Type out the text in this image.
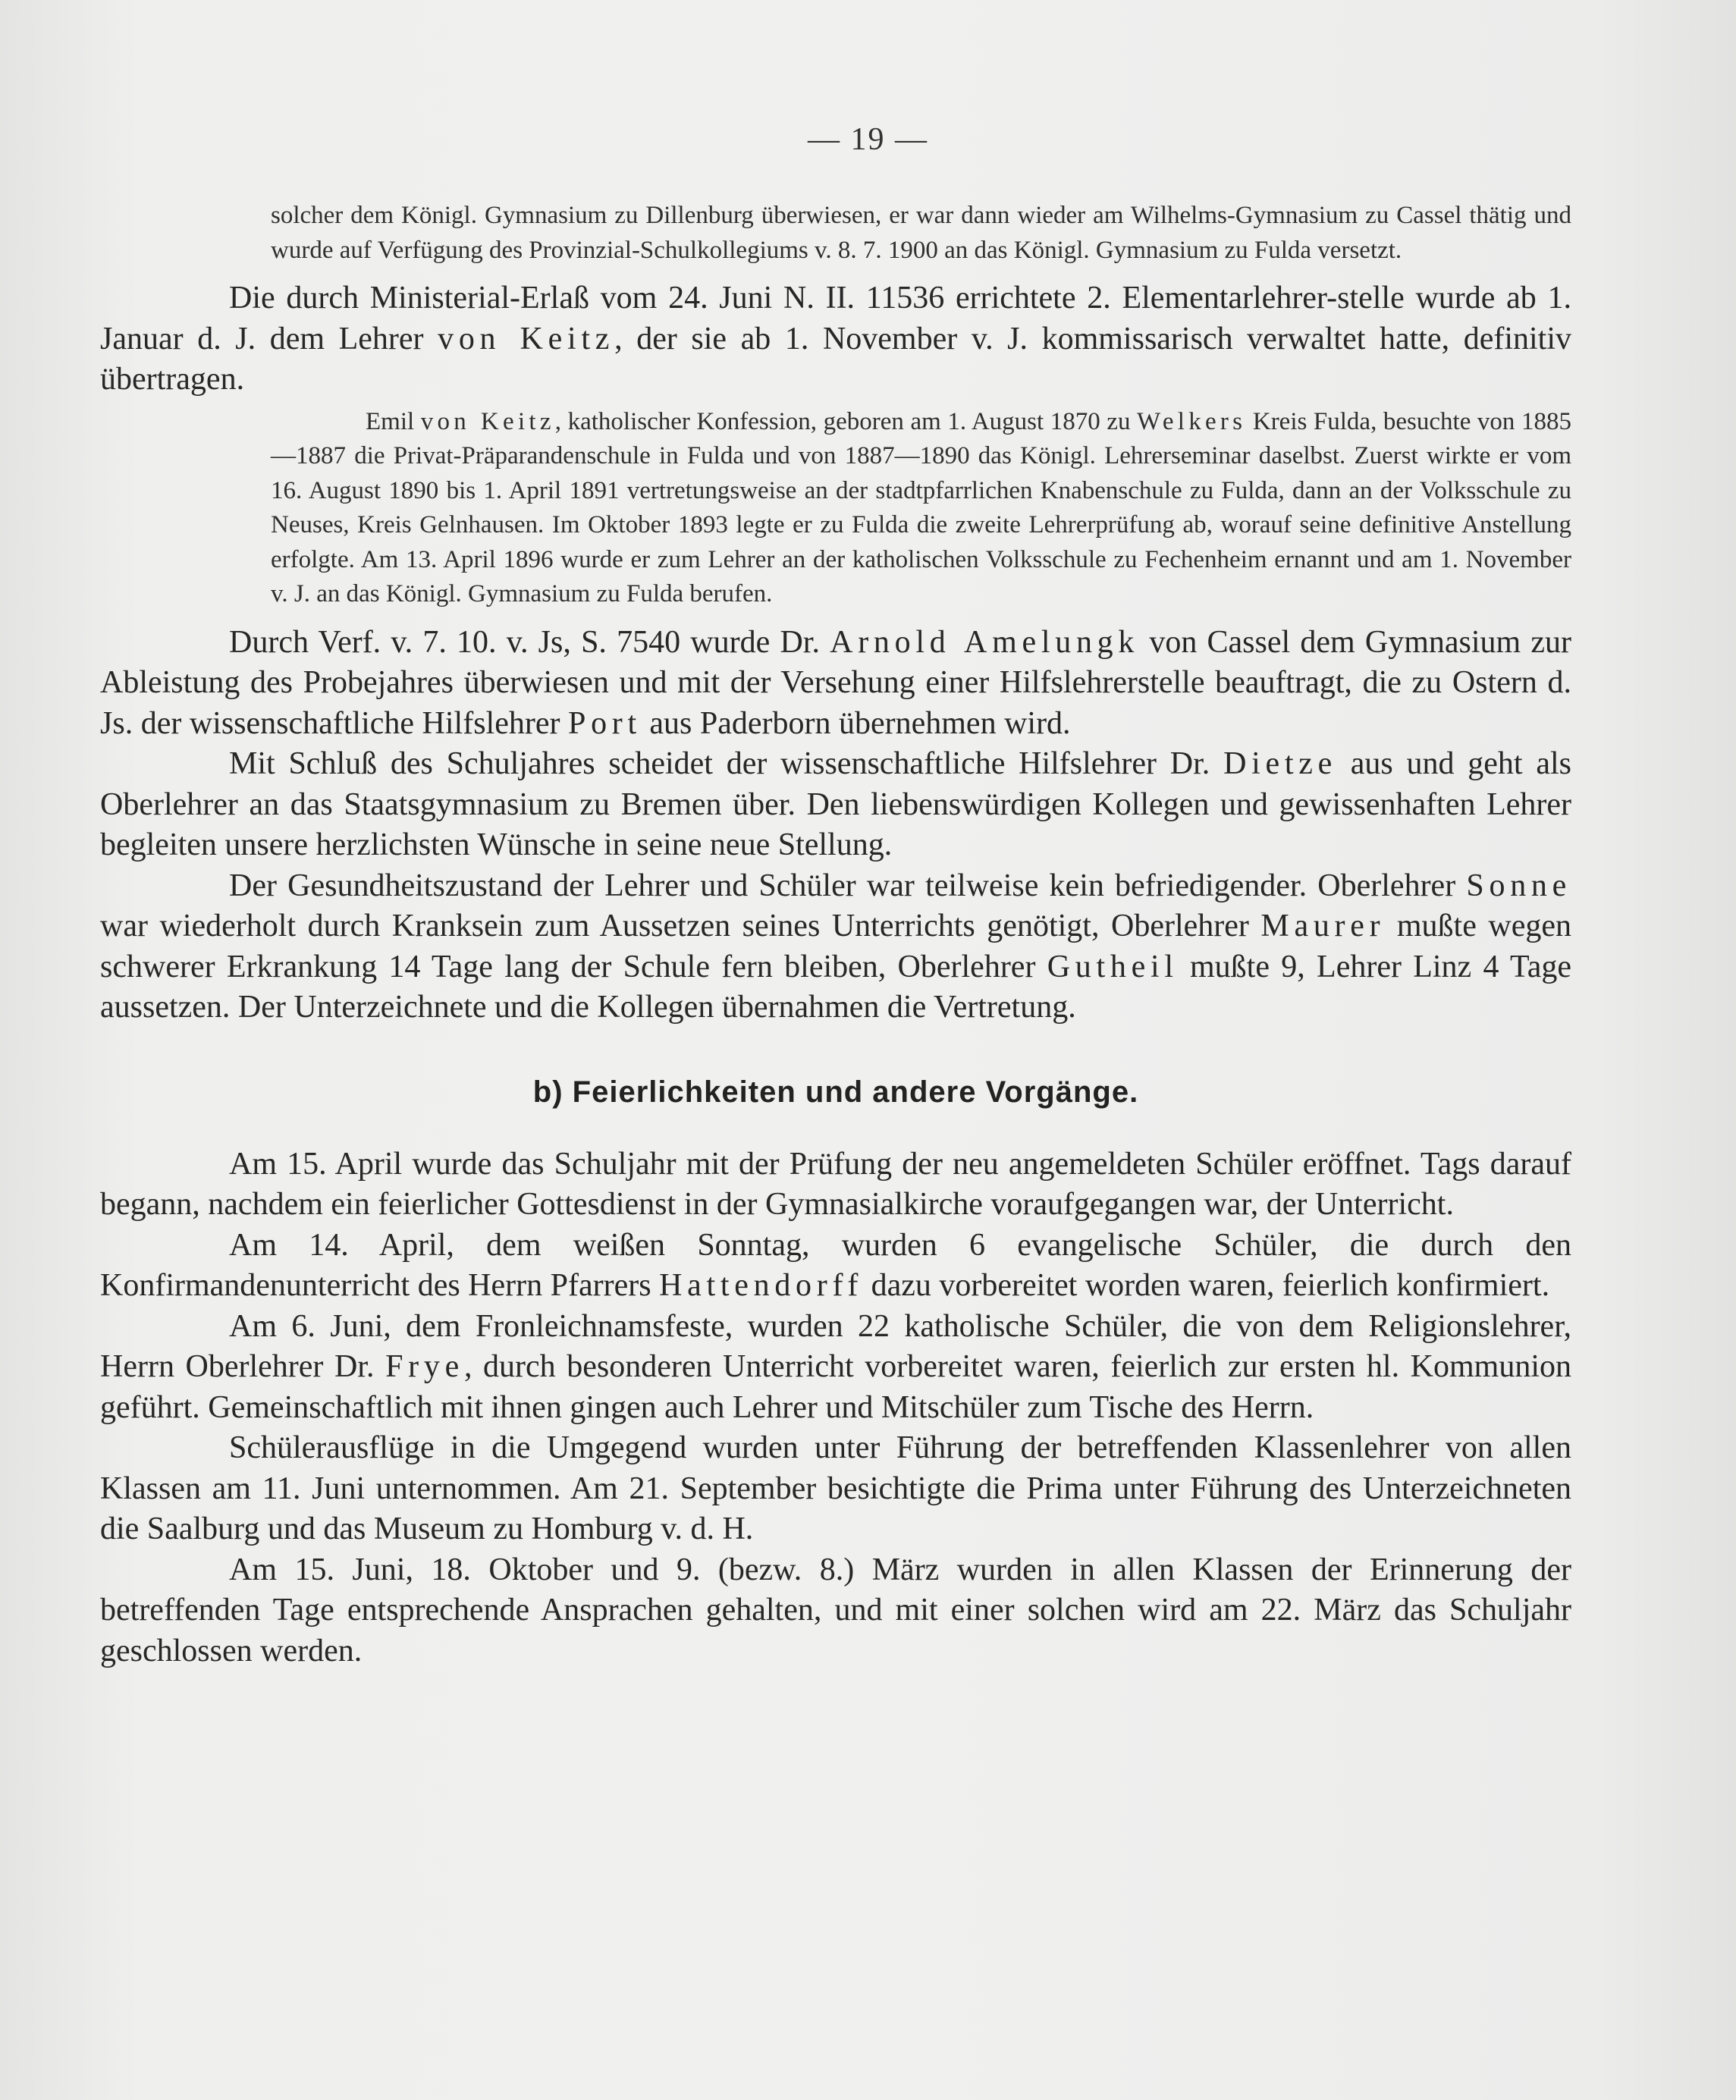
— 19 —

solcher dem Königl. Gymnasium zu Dillenburg überwiesen, er war dann wieder am Wilhelms-Gymnasium zu Cassel thätig und wurde auf Verfügung des Provinzial-Schulkollegiums v. 8. 7. 1900 an das Königl. Gymnasium zu Fulda versetzt.

Die durch Ministerial-Erlaß vom 24. Juni N. II. 11536 errichtete 2. Elementarlehrer-stelle wurde ab 1. Januar d. J. dem Lehrer von Keitz, der sie ab 1. November v. J. kommissarisch verwaltet hatte, definitiv übertragen.

Emil von Keitz, katholischer Konfession, geboren am 1. August 1870 zu Welkers Kreis Fulda, besuchte von 1885—1887 die Privat-Präparandenschule in Fulda und von 1887—1890 das Königl. Lehrerseminar daselbst. Zuerst wirkte er vom 16. August 1890 bis 1. April 1891 vertretungsweise an der stadtpfarrlichen Knabenschule zu Fulda, dann an der Volksschule zu Neuses, Kreis Gelnhausen. Im Oktober 1893 legte er zu Fulda die zweite Lehrerprüfung ab, worauf seine definitive Anstellung erfolgte. Am 13. April 1896 wurde er zum Lehrer an der katholischen Volksschule zu Fechenheim ernannt und am 1. November v. J. an das Königl. Gymnasium zu Fulda berufen.

Durch Verf. v. 7. 10. v. Js, S. 7540 wurde Dr. Arnold Amelungk von Cassel dem Gymnasium zur Ableistung des Probejahres überwiesen und mit der Versehung einer Hilfslehrerstelle beauftragt, die zu Ostern d. Js. der wissenschaftliche Hilfslehrer Port aus Paderborn übernehmen wird.

Mit Schluß des Schuljahres scheidet der wissenschaftliche Hilfslehrer Dr. Dietze aus und geht als Oberlehrer an das Staatsgymnasium zu Bremen über. Den liebenswürdigen Kollegen und gewissenhaften Lehrer begleiten unsere herzlichsten Wünsche in seine neue Stellung.

Der Gesundheitszustand der Lehrer und Schüler war teilweise kein befriedigender. Oberlehrer Sonne war wiederholt durch Kranksein zum Aussetzen seines Unterrichts genötigt, Oberlehrer Maurer mußte wegen schwerer Erkrankung 14 Tage lang der Schule fern bleiben, Oberlehrer Gutheil mußte 9, Lehrer Linz 4 Tage aussetzen. Der Unterzeichnete und die Kollegen übernahmen die Vertretung.

b) Feierlichkeiten und andere Vorgänge.

Am 15. April wurde das Schuljahr mit der Prüfung der neu angemeldeten Schüler eröffnet. Tags darauf begann, nachdem ein feierlicher Gottesdienst in der Gymnasialkirche voraufgegangen war, der Unterricht.

Am 14. April, dem weißen Sonntag, wurden 6 evangelische Schüler, die durch den Konfirmandenunterricht des Herrn Pfarrers Hattendorff dazu vorbereitet worden waren, feierlich konfirmiert.

Am 6. Juni, dem Fronleichnamsfeste, wurden 22 katholische Schüler, die von dem Religionslehrer, Herrn Oberlehrer Dr. Frye, durch besonderen Unterricht vorbereitet waren, feierlich zur ersten hl. Kommunion geführt. Gemeinschaftlich mit ihnen gingen auch Lehrer und Mitschüler zum Tische des Herrn.

Schülerausflüge in die Umgegend wurden unter Führung der betreffenden Klassenlehrer von allen Klassen am 11. Juni unternommen. Am 21. September besichtigte die Prima unter Führung des Unterzeichneten die Saalburg und das Museum zu Homburg v. d. H.

Am 15. Juni, 18. Oktober und 9. (bezw. 8.) März wurden in allen Klassen der Erinnerung der betreffenden Tage entsprechende Ansprachen gehalten, und mit einer solchen wird am 22. März das Schuljahr geschlossen werden.
